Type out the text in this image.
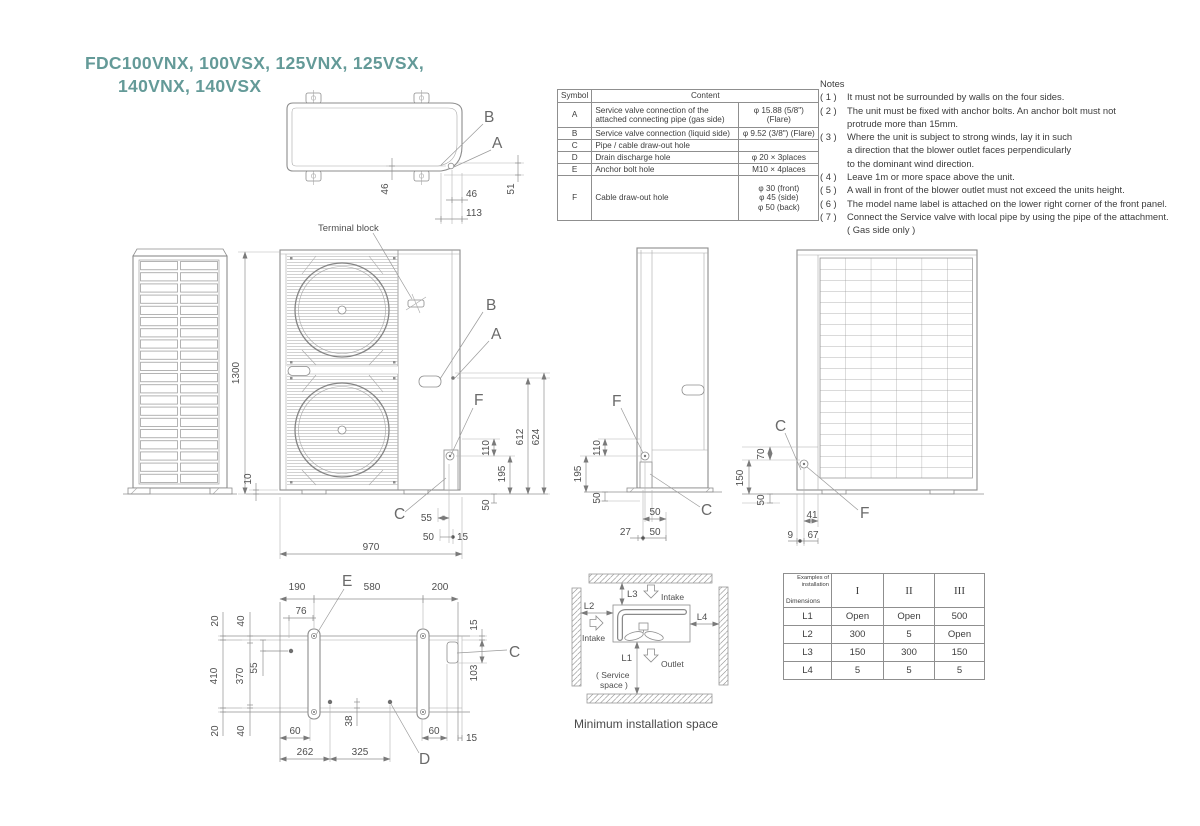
B
A
46	51
46
113
Terminal block
B
A
F
C
1300
10
612 624
110
195
50
55
50 15
970
F
C
110
195
50
50
27 50
C
F
70
150
50
41
9 67
55
E
D
C
190	580	200
76
20 40
410 370
20 40
15
103
60	60
15
262	325
38
L3	Intake
L2
Intake
L4
L1	Outlet
( Service
space )
FDC100VNX, 100VSX, 125VNX, 125VSX,
140VNX, 140VSX	Symbol	Content	
A	Service valve connection of the
attached connecting pipe (gas side)	φ 15.88 (5/8") (Flare)
B	Service valve connection (liquid side)	φ 9.52 (3/8") (Flare)
C	Pipe / cable draw-out hole	
D	Drain discharge hole	φ 20 × 3places
E	Anchor bolt hole	M10 × 4places
F	Cable draw-out hole	φ 30 (front)
φ 45 (side)
φ 50 (back)
Notes
( 1 )	It must not be surrounded by walls on the four sides.
( 2 )	The unit must be fixed with anchor bolts. An anchor bolt must not
protrude more than 15mm.
( 3 )	Where the unit is subject to strong winds, lay it in such
a direction that the blower outlet faces perpendicularly
to the dominant wind direction.
( 4 )	Leave 1m or more space above the unit.
( 5 )	A wall in front of the blower outlet must not exceed the units height.
( 6 )	The model name label is attached on the lower right corner of the front panel.
( 7 )	Connect the Service valve with local pipe by using the pipe of the attachment.
( Gas side only )
Examples of
installation
Dimensions	I	II	III
L1	Open	Open	500
L2	300	5	Open
L3	150	300	150
L4	5	5	5
Minimum installation space
